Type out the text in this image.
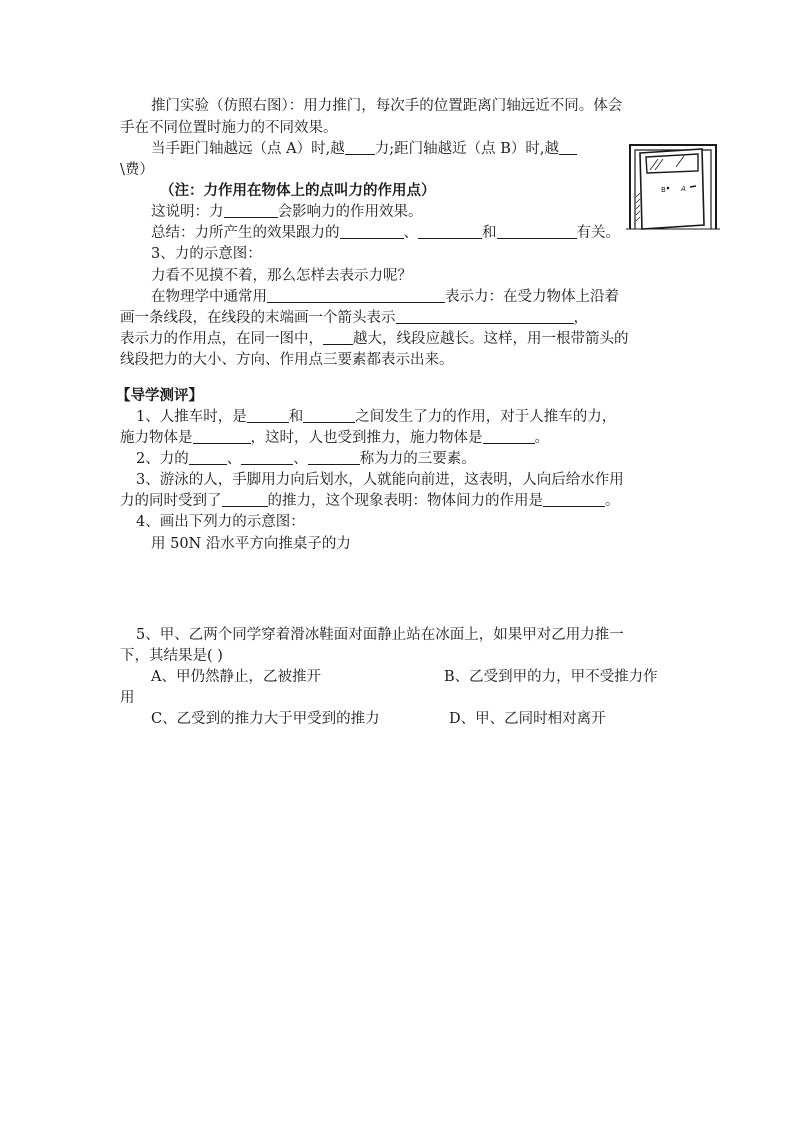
推门实验（仿照右图）：用力推门，每次手的位置距离门轴远近不同。体会
手在不同位置时施力的不同效果。
当手距门轴越远（点 A）时,越 力;距门轴越近（点 B）时,越
\费）
（注：力作用在物体上的点叫力的作用点）
这说明：力	会影响力的作用效果。
总结：力所产生的效果跟力的	、	和	有关。
3、力的示意图：
力看不见摸不着，那么怎样去表示力呢？
在物理学中通常用	表示力：在受力物体上沿着
画一条线段，在线段的末端画一个箭头表示	，
表示力的作用点，在同一图中， 越大，线段应越长。这样，用一根带箭头的
线段把力的大小、方向、作用点三要素都表示出来。
B A
【导学测评】
1、人推车时，是	和	之间发生了力的作用，对于人推车的力，
施力物体是	，这时，人也受到推力，施力物体是	。
2、力的	、	、	称为力的三要素。
3、游泳的人，手脚用力向后划水，人就能向前进，这表明，人向后给水作用
力的同时受到了	的推力，这个现象表明：物体间力的作用是	。
4、画出下列力的示意图：
用 50N 沿水平方向推桌子的力
5、甲、乙两个同学穿着滑冰鞋面对面静止站在冰面上，如果甲对乙用力推一
下，其结果是( )
A、甲仍然静止，乙被推开	B、乙受到甲的力，甲不受推力作
用
C、乙受到的推力大于甲受到的推力	D、甲、乙同时相对离开
